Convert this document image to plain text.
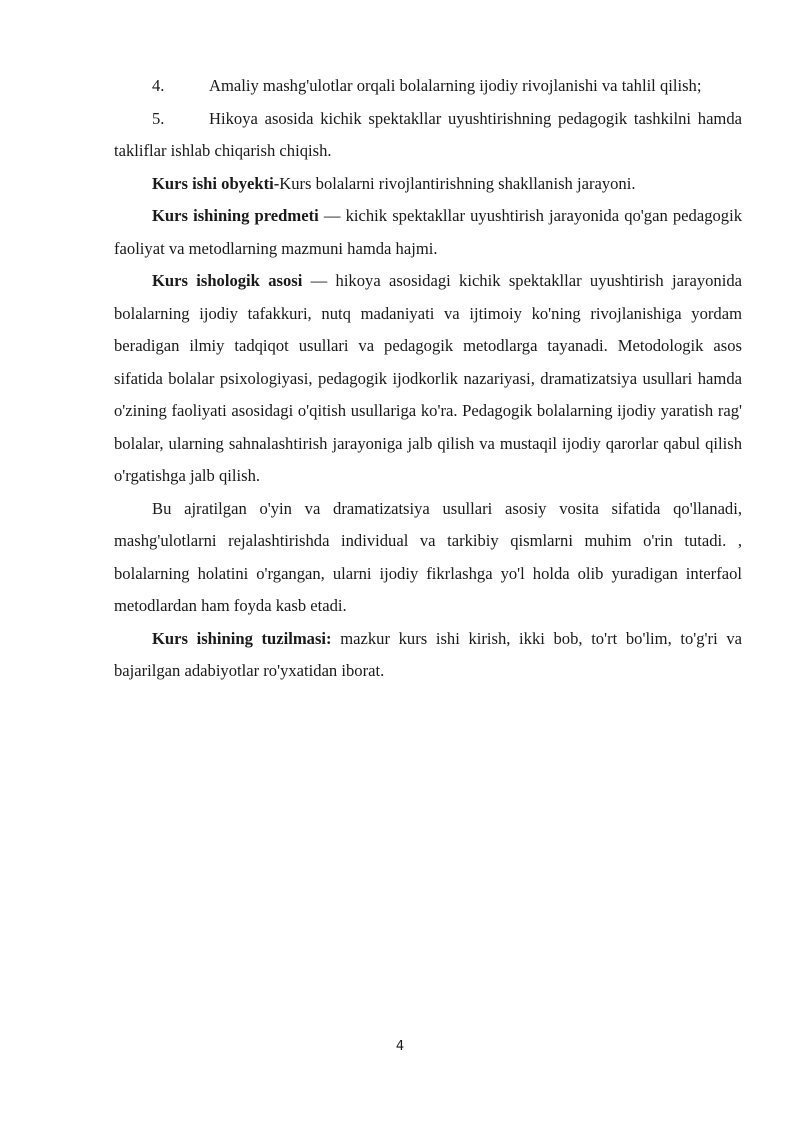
4.	Amaliy mashg'ulotlar orqali bolalarning ijodiy rivojlanishi va tahlil qilish;

5.	Hikoya asosida kichik spektakllar uyushtirishning pedagogik tashkilni hamda takliflar ishlab chiqarish chiqish.

Kurs ishi obyekti-Kurs bolalarni rivojlantirishning shakllanish jarayoni.

Kurs ishining predmeti — kichik spektakllar uyushtirish jarayonida qo'gan pedagogik faoliyat va metodlarning mazmuni hamda hajmi.

Kurs ishologik asosi — hikoya asosidagi kichik spektakllar uyushtirish jarayonida bolalarning ijodiy tafakkuri, nutq madaniyati va ijtimoiy ko'ning rivojlanishiga yordam beradigan ilmiy tadqiqot usullari va pedagogik metodlarga tayanadi. Metodologik asos sifatida bolalar psixologiyasi, pedagogik ijodkorlik nazariyasi, dramatizatsiya usullari hamda o'zining faoliyati asosidagi o'qitish usullariga ko'ra. Pedagogik bolalarning ijodiy yaratish rag' bolalar, ularning sahnalashtirish jarayoniga jalb qilish va mustaqil ijodiy qarorlar qabul qilish o'rgatishga jalb qilish.

Bu ajratilgan o'yin va dramatizatsiya usullari asosiy vosita sifatida qo'llanadi, mashg'ulotlarni rejalashtirishda individual va tarkibiy qismlarni muhim o'rin tutadi. , bolalarning holatini o'rgangan, ularni ijodiy fikrlashga yo'l holda olib yuradigan interfaol metodlardan ham foyda kasb etadi.

Kurs ishining tuzilmasi: mazkur kurs ishi kirish, ikki bob, to'rt bo'lim, to'g'ri va bajarilgan adabiyotlar ro'yxatidan iborat.

4
